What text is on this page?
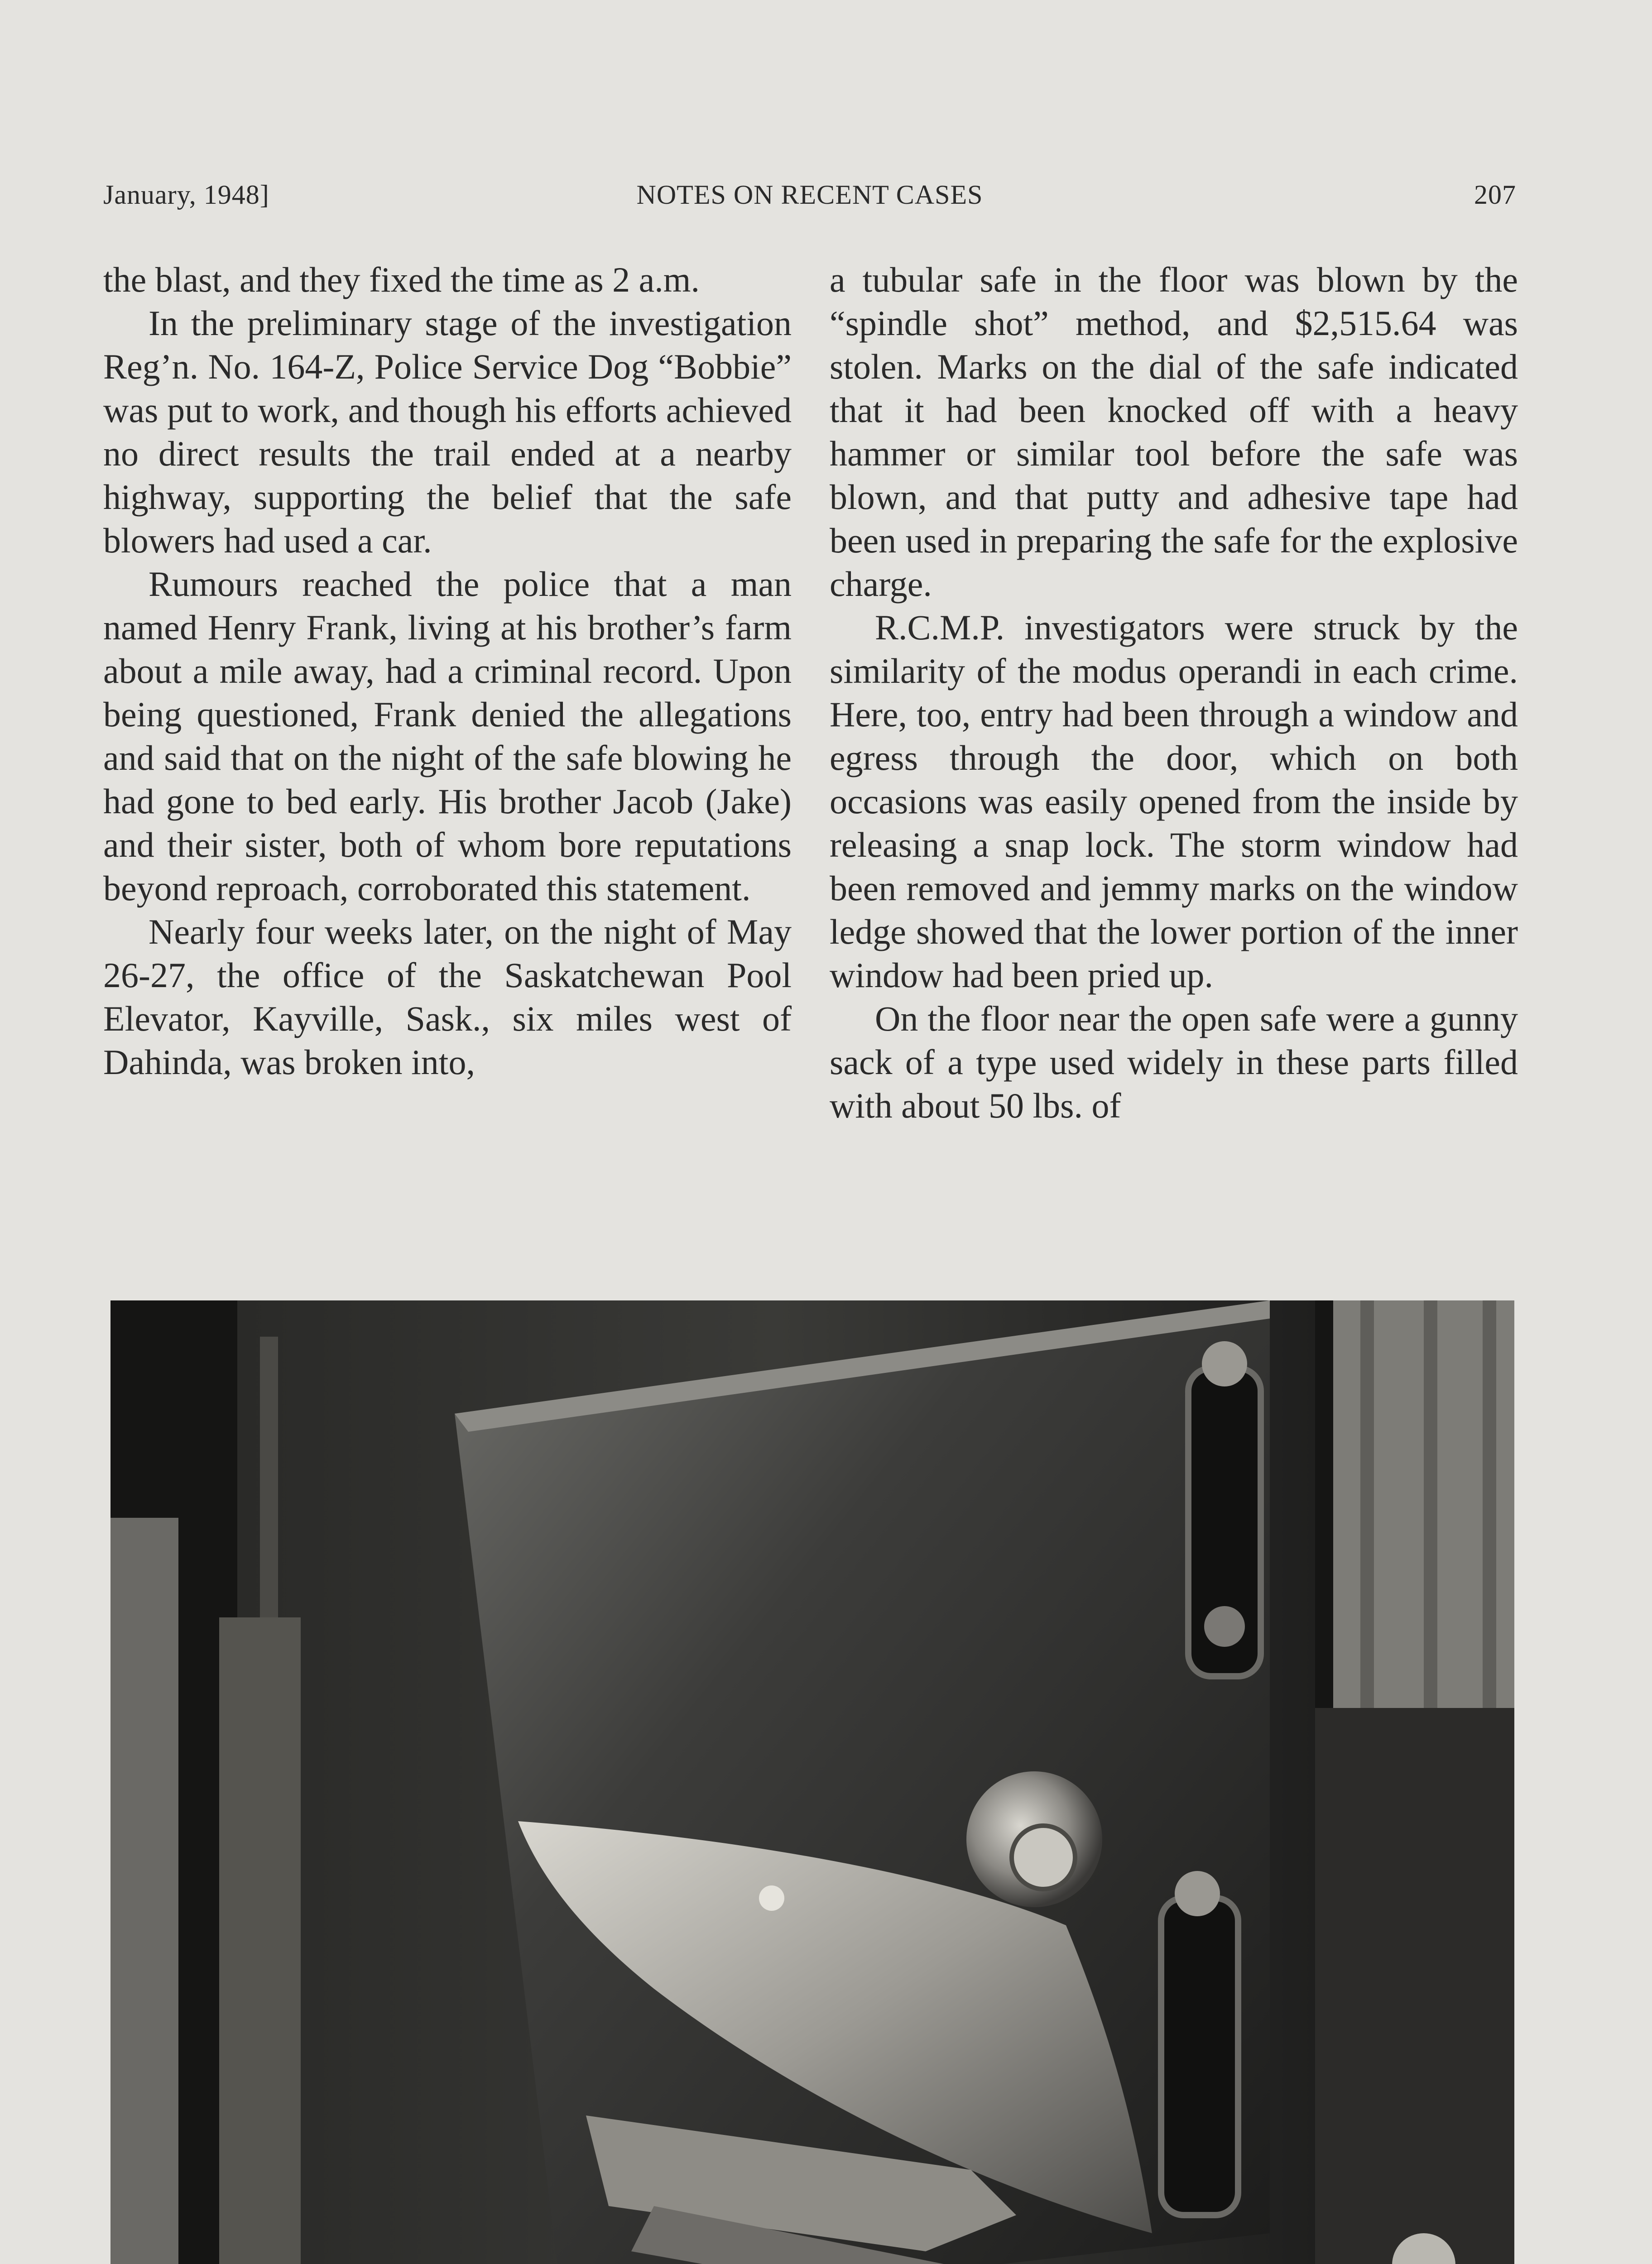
January, 1948]	NOTES ON RECENT CASES	207

the blast, and they fixed the time as 2 a.m.

In the preliminary stage of the investigation Reg’n. No. 164-Z, Police Service Dog “Bobbie” was put to work, and though his efforts achieved no direct results the trail ended at a nearby highway, supporting the belief that the safe blowers had used a car.

Rumours reached the police that a man named Henry Frank, living at his brother’s farm about a mile away, had a criminal record. Upon being questioned, Frank denied the allegations and said that on the night of the safe blowing he had gone to bed early. His brother Jacob (Jake) and their sister, both of whom bore reputations beyond reproach, corroborated this statement.

Nearly four weeks later, on the night of May 26-27, the office of the Saskatchewan Pool Elevator, Kayville, Sask., six miles west of Dahinda, was broken into,

a tubular safe in the floor was blown by the “spindle shot” method, and $2,515.64 was stolen. Marks on the dial of the safe indicated that it had been knocked off with a heavy hammer or similar tool before the safe was blown, and that putty and adhesive tape had been used in preparing the safe for the explosive charge.

R.C.M.P. investigators were struck by the similarity of the modus operandi in each crime. Here, too, entry had been through a window and egress through the door, which on both occasions was easily opened from the inside by releasing a snap lock. The storm window had been removed and jemmy marks on the window ledge showed that the lower portion of the inner window had been pried up.

On the floor near the open safe were a gunny sack of a type used widely in these parts filled with about 50 lbs. of
